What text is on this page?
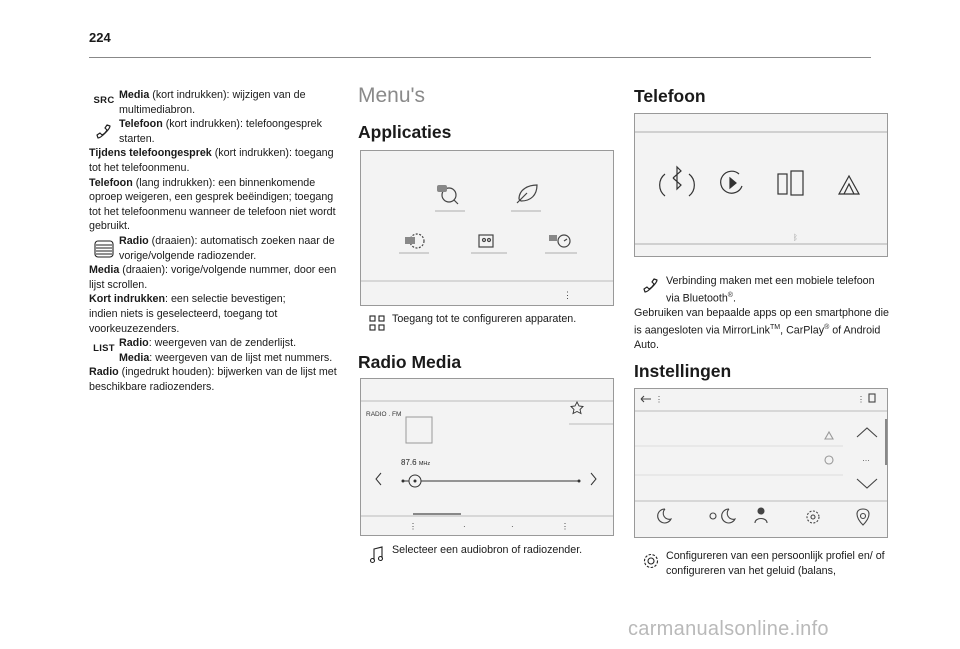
224
SRC Media (kort indrukken): wijzigen van de multimediabron.
Telefoon (kort indrukken): telefoongesprek starten.
Tijdens telefoongesprek (kort indrukken): toegang tot het telefoonmenu.
Telefoon (lang indrukken): een binnenkomende oproep weigeren, een gesprek beëindigen; toegang tot het telefoonmenu wanneer de telefoon niet wordt gebruikt.
Radio (draaien): automatisch zoeken naar de vorige/volgende radiozender.
Media (draaien): vorige/volgende nummer, door een lijst scrollen.
Kort indrukken: een selectie bevestigen;
indien niets is geselecteerd, toegang tot voorkeuzezenders.
LIST Radio: weergeven van de zenderlijst.
Media: weergeven van de lijst met nummers.
Radio (ingedrukt houden): bijwerken van de lijst met beschikbare radiozenders.
Menu's
Applicaties
⋮
Toegang tot te configureren apparaten.
Radio Media
RADIO . FM
87.6 MHz
⋮	·	·	⋮
Selecteer een audiobron of radiozender.
Telefoon
ᛒ
Verbinding maken met een mobiele telefoon via Bluetooth®.
Gebruiken van bepaalde apps op een smartphone die is aangesloten via MirrorLink™, CarPlay® of Android Auto.
Instellingen
⋮	⋮
…
Configureren van een persoonlijk profiel en/ of configureren van het geluid (balans,
carmanualsonline.info
